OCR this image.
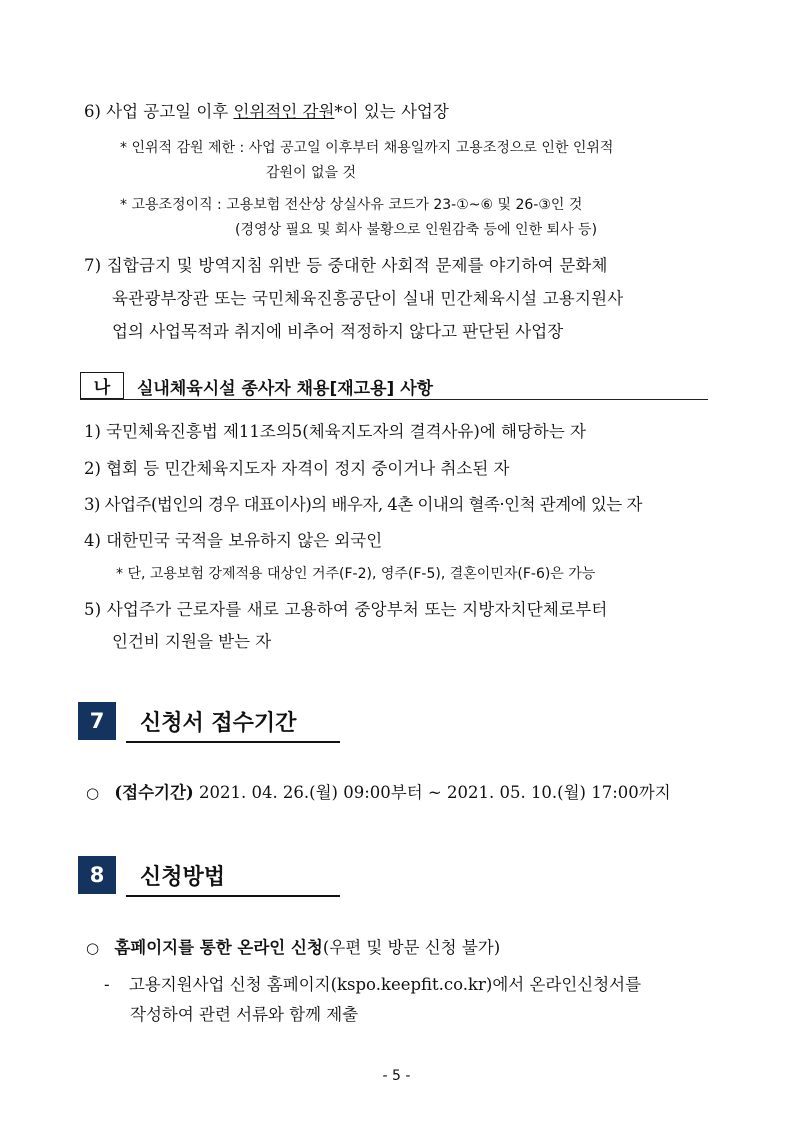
6) 사업 공고일 이후 인위적인 감원*이 있는 사업장
* 인위적 감원 제한 : 사업 공고일 이후부터 채용일까지 고용조정으로 인한 인위적
감원이 없을 것
* 고용조정이직 : 고용보험 전산상 상실사유 코드가 23-①~⑥ 및 26-③인 것
(경영상 필요 및 회사 불황으로 인원감축 등에 인한 퇴사 등)
7) 집합금지 및 방역지침 위반 등 중대한 사회적 문제를 야기하여 문화체
육관광부장관 또는 국민체육진흥공단이 실내 민간체육시설 고용지원사
업의 사업목적과 취지에 비추어 적정하지 않다고 판단된 사업장
나	실내체육시설 종사자 채용[재고용] 사항
1) 국민체육진흥법 제11조의5(체육지도자의 결격사유)에 해당하는 자
2) 협회 등 민간체육지도자 자격이 정지 중이거나 취소된 자
3) 사업주(법인의 경우 대표이사)의 배우자, 4촌 이내의 혈족·인척 관계에 있는 자
4) 대한민국 국적을 보유하지 않은 외국인
* 단, 고용보험 강제적용 대상인 거주(F-2), 영주(F-5), 결혼이민자(F-6)은 가능
5) 사업주가 근로자를 새로 고용하여 중앙부처 또는 지방자치단체로부터
인건비 지원을 받는 자
7	신청서 접수기간
○ (접수기간) 2021. 04. 26.(월) 09:00부터 ~ 2021. 05. 10.(월) 17:00까지
8	신청방법
○ 홈페이지를 통한 온라인 신청(우편 및 방문 신청 불가)
- 고용지원사업 신청 홈페이지(kspo.keepfit.co.kr)에서 온라인신청서를
작성하여 관련 서류와 함께 제출
- 5 -
